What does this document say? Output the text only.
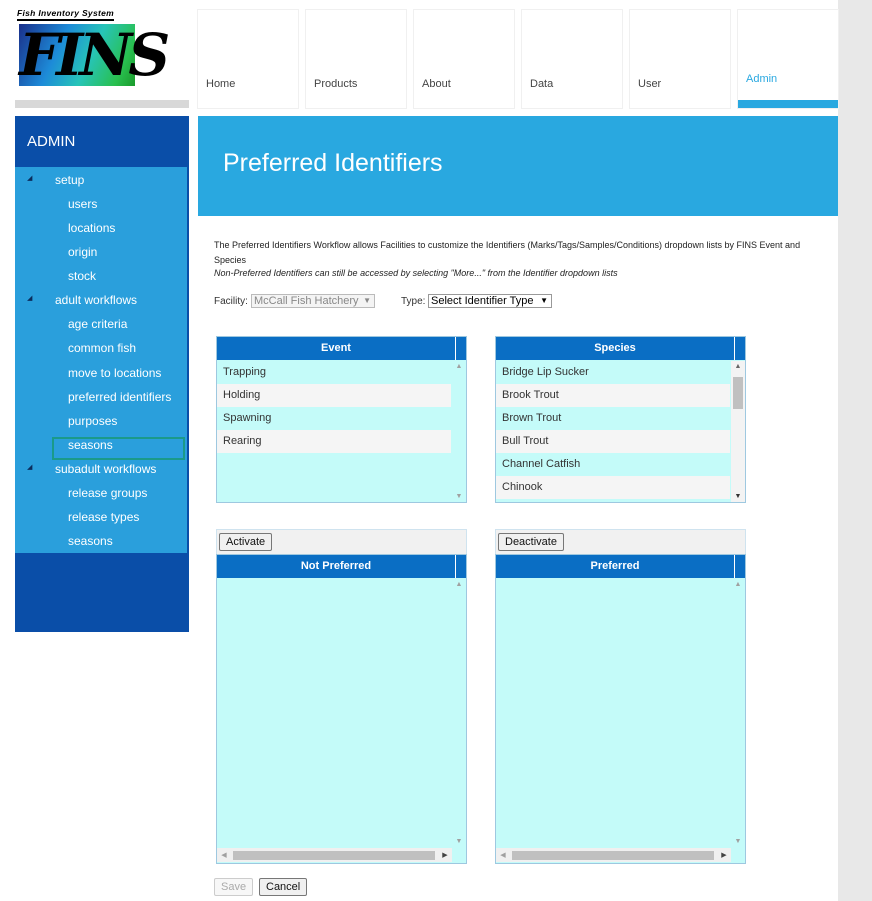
FINS
Fish Inventory System
Home	Products	About	Data	User	Admin
ADMIN
◢ setup
users
locations
origin
stock
◢ adult workflows
age criteria
common fish
move to locations
preferred identifiers
purposes
seasons
◢ subadult workflows
release groups
release types
seasons
Preferred Identifiers
The Preferred Identifiers Workflow allows Facilities to customize the Identifiers (Marks/Tags/Samples/Conditions) dropdown lists by FINS Event and Species
Non-Preferred Identifiers can still be accessed by selecting "More..." from the Identifier dropdown lists
Facility: McCall Fish Hatchery ▼	Type: Select Identifier Type ▼
Event
Trapping
Holding
Spawning
Rearing
▲
▼
Species
Bridge Lip Sucker
Brook Trout
Brown Trout
Bull Trout
Channel Catfish
Chinook
▲
▼
Activate
Not Preferred
▲
▼
◀	▶
Deactivate
Preferred
▲
▼
◀	▶
Save	Cancel
